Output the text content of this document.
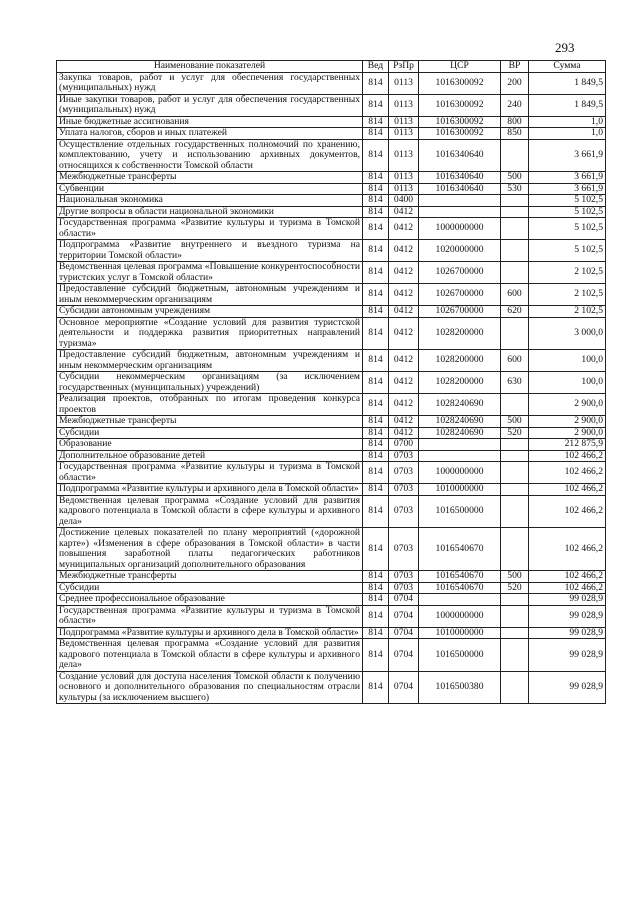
293
Наименование показателей	Вед	РзПр	ЦСР	ВР	Сумма
Закупка товаров, работ и услуг для обеспечения государственных (муниципальных) нужд	814	0113	1016300092	200	1 849,5
Иные закупки товаров, работ и услуг для обеспечения государственных (муниципальных) нужд	814	0113	1016300092	240	1 849,5
Иные бюджетные ассигнования	814	0113	1016300092	800	1,0
Уплата налогов, сборов и иных платежей	814	0113	1016300092	850	1,0
Осуществление отдельных государственных полномочий по хранению, комплектованию, учету и использованию архивных документов, относящихся к собственности Томской области	814	0113	1016340640		3 661,9
Межбюджетные трансферты	814	0113	1016340640	500	3 661,9
Субвенции	814	0113	1016340640	530	3 661,9
Национальная экономика	814	0400			5 102,5
Другие вопросы в области национальной экономики	814	0412			5 102,5
Государственная программа «Развитие культуры и туризма в Томской области»	814	0412	1000000000		5 102,5
Подпрограмма «Развитие внутреннего и въездного туризма на территории Томской области»	814	0412	1020000000		5 102,5
Ведомственная целевая программа «Повышение конкурентоспособности туристских услуг в Томской области»	814	0412	1026700000		2 102,5
Предоставление субсидий бюджетным, автономным учреждениям и иным некоммерческим организациям	814	0412	1026700000	600	2 102,5
Субсидии автономным учреждениям	814	0412	1026700000	620	2 102,5
Основное мероприятие «Создание условий для развития туристской деятельности и поддержка развития приоритетных направлений туризма»	814	0412	1028200000		3 000,0
Предоставление субсидий бюджетным, автономным учреждениям и иным некоммерческим организациям	814	0412	1028200000	600	100,0
Субсидии некоммерческим организациям (за исключением государственных (муниципальных) учреждений)	814	0412	1028200000	630	100,0
Реализация проектов, отобранных по итогам проведения конкурса проектов	814	0412	1028240690		2 900,0
Межбюджетные трансферты	814	0412	1028240690	500	2 900,0
Субсидии	814	0412	1028240690	520	2 900,0
Образование	814	0700			212 875,9
Дополнительное образование детей	814	0703			102 466,2
Государственная программа «Развитие культуры и туризма в Томской области»	814	0703	1000000000		102 466,2
Подпрограмма «Развитие культуры и архивного дела в Томской области»	814	0703	1010000000		102 466,2
Ведомственная целевая программа «Создание условий для развития кадрового потенциала в Томской области в сфере культуры и архивного дела»	814	0703	1016500000		102 466,2
Достижение целевых показателей по плану мероприятий («дорожной карте») «Изменения в сфере образования в Томской области» в части повышения заработной платы педагогических работников муниципальных организаций дополнительного образования	814	0703	1016540670		102 466,2
Межбюджетные трансферты	814	0703	1016540670	500	102 466,2
Субсидии	814	0703	1016540670	520	102 466,2
Среднее профессиональное образование	814	0704			99 028,9
Государственная программа «Развитие культуры и туризма в Томской области»	814	0704	1000000000		99 028,9
Подпрограмма «Развитие культуры и архивного дела в Томской области»	814	0704	1010000000		99 028,9
Ведомственная целевая программа «Создание условий для развития кадрового потенциала в Томской области в сфере культуры и архивного дела»	814	0704	1016500000		99 028,9
Создание условий для доступа населения Томской области к получению основного и дополнительного образования по специальностям отрасли культуры (за исключением высшего)	814	0704	1016500380		99 028,9
